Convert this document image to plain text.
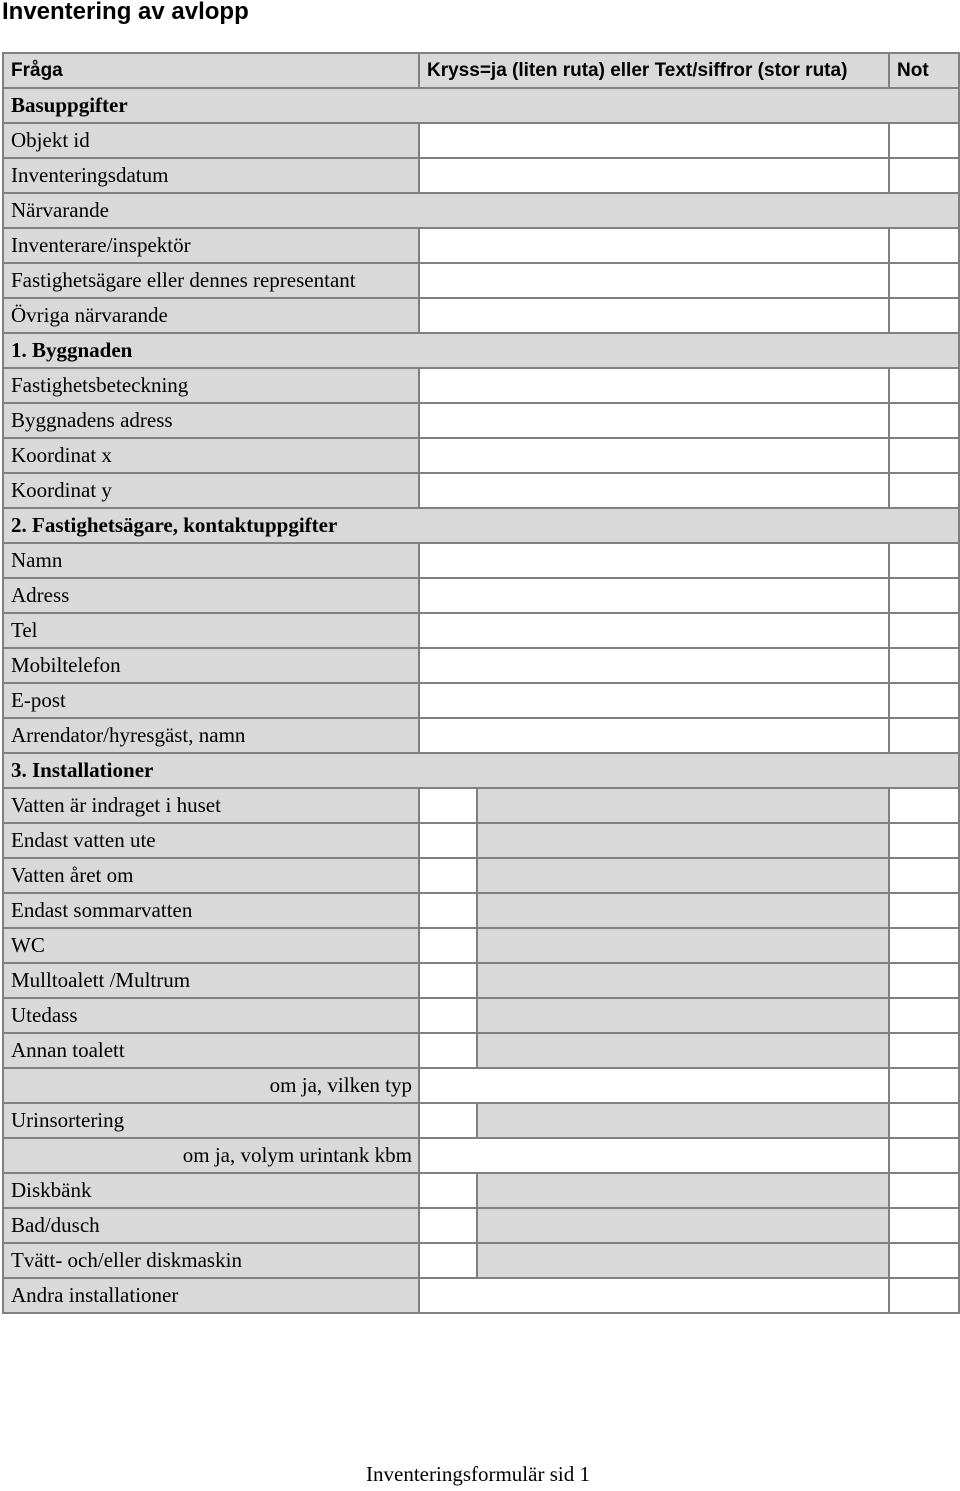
Inventering av avlopp
Fråga	Kryss=ja (liten ruta) eller Text/siffror (stor ruta)		Not
Basuppgifter			
Objekt id			
Inventeringsdatum			
Närvarande			
Inventerare/inspektör			
Fastighetsägare eller dennes representant			
Övriga närvarande			
1. Byggnaden			
Fastighetsbeteckning			
Byggnadens adress			
Koordinat x			
Koordinat y			
2. Fastighetsägare, kontaktuppgifter			
Namn			
Adress			
Tel			
Mobiltelefon			
E-post			
Arrendator/hyresgäst, namn			
3. Installationer			
Vatten är indraget i huset			
Endast vatten ute			
Vatten året om			
Endast sommarvatten			
WC			
Mulltoalett /Multrum			
Utedass			
Annan toalett			
om ja, vilken typ			
Urinsortering			
om ja, volym urintank kbm			
Diskbänk			
Bad/dusch			
Tvätt- och/eller diskmaskin			
Andra installationer			
Inventeringsformulär sid 1
